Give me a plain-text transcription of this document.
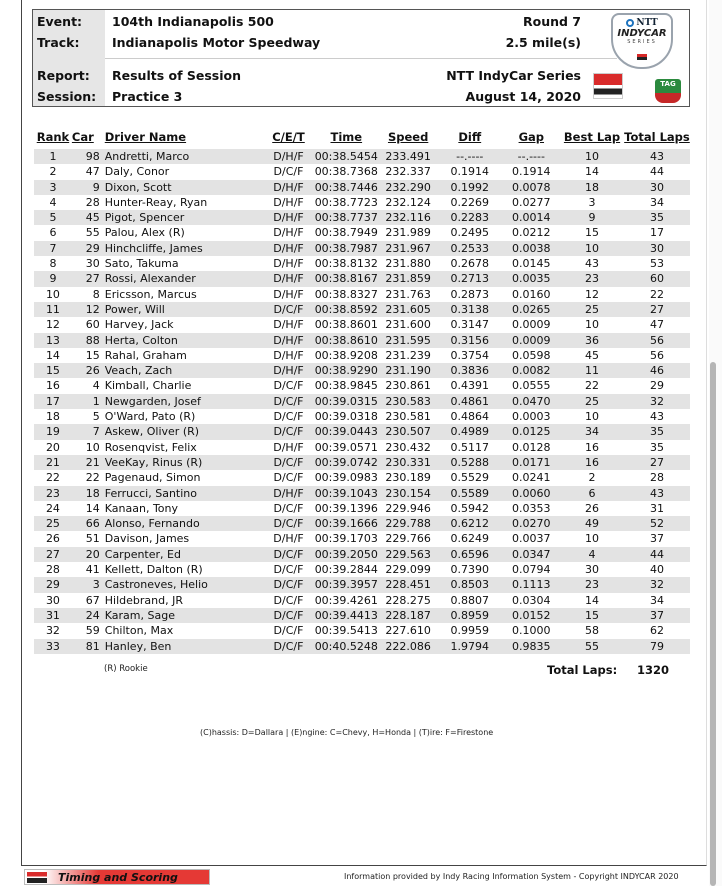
Event: 104th Indianapolis 500
Track:	Indianapolis Motor Speedway
Report: Results of Session
Session: Practice 3
Round 7
2.5 mile(s)
NTT IndyCar Series
August 14, 2020
NTT
INDYCAR
SERIES
TAG
Rank	Car	Driver Name	C/E/T	Time	Speed	Diff	Gap	Best Lap	Total Laps
1	98	Andretti, Marco	D/H/F	00:38.5454	233.491	--.----	--.----	10	43
2	47	Daly, Conor	D/C/F	00:38.7368	232.337	0.1914	0.1914	14	44
3	9	Dixon, Scott	D/H/F	00:38.7446	232.290	0.1992	0.0078	18	30
4	28	Hunter-Reay, Ryan	D/H/F	00:38.7723	232.124	0.2269	0.0277	3	34
5	45	Pigot, Spencer	D/H/F	00:38.7737	232.116	0.2283	0.0014	9	35
6	55	Palou, Alex (R)	D/H/F	00:38.7949	231.989	0.2495	0.0212	15	17
7	29	Hinchcliffe, James	D/H/F	00:38.7987	231.967	0.2533	0.0038	10	30
8	30	Sato, Takuma	D/H/F	00:38.8132	231.880	0.2678	0.0145	43	53
9	27	Rossi, Alexander	D/H/F	00:38.8167	231.859	0.2713	0.0035	23	60
10	8	Ericsson, Marcus	D/H/F	00:38.8327	231.763	0.2873	0.0160	12	22
11	12	Power, Will	D/C/F	00:38.8592	231.605	0.3138	0.0265	25	27
12	60	Harvey, Jack	D/H/F	00:38.8601	231.600	0.3147	0.0009	10	47
13	88	Herta, Colton	D/H/F	00:38.8610	231.595	0.3156	0.0009	36	56
14	15	Rahal, Graham	D/H/F	00:38.9208	231.239	0.3754	0.0598	45	56
15	26	Veach, Zach	D/H/F	00:38.9290	231.190	0.3836	0.0082	11	46
16	4	Kimball, Charlie	D/C/F	00:38.9845	230.861	0.4391	0.0555	22	29
17	1	Newgarden, Josef	D/C/F	00:39.0315	230.583	0.4861	0.0470	25	32
18	5	O'Ward, Pato (R)	D/C/F	00:39.0318	230.581	0.4864	0.0003	10	43
19	7	Askew, Oliver (R)	D/C/F	00:39.0443	230.507	0.4989	0.0125	34	35
20	10	Rosenqvist, Felix	D/H/F	00:39.0571	230.432	0.5117	0.0128	16	35
21	21	VeeKay, Rinus (R)	D/C/F	00:39.0742	230.331	0.5288	0.0171	16	27
22	22	Pagenaud, Simon	D/C/F	00:39.0983	230.189	0.5529	0.0241	2	28
23	18	Ferrucci, Santino	D/H/F	00:39.1043	230.154	0.5589	0.0060	6	43
24	14	Kanaan, Tony	D/C/F	00:39.1396	229.946	0.5942	0.0353	26	31
25	66	Alonso, Fernando	D/C/F	00:39.1666	229.788	0.6212	0.0270	49	52
26	51	Davison, James	D/H/F	00:39.1703	229.766	0.6249	0.0037	10	37
27	20	Carpenter, Ed	D/C/F	00:39.2050	229.563	0.6596	0.0347	4	44
28	41	Kellett, Dalton (R)	D/C/F	00:39.2844	229.099	0.7390	0.0794	30	40
29	3	Castroneves, Helio	D/C/F	00:39.3957	228.451	0.8503	0.1113	23	32
30	67	Hildebrand, JR	D/C/F	00:39.4261	228.275	0.8807	0.0304	14	34
31	24	Karam, Sage	D/C/F	00:39.4413	228.187	0.8959	0.0152	15	37
32	59	Chilton, Max	D/C/F	00:39.5413	227.610	0.9959	0.1000	58	62
33	81	Hanley, Ben	D/C/F	00:40.5248	222.086	1.9794	0.9835	55	79
(R) Rookie	Total Laps: 1320
(C)hassis: D=Dallara | (E)ngine: C=Chevy, H=Honda | (T)ire: F=Firestone
Timing and Scoring	Information provided by Indy Racing Information System - Copyright INDYCAR 2020
